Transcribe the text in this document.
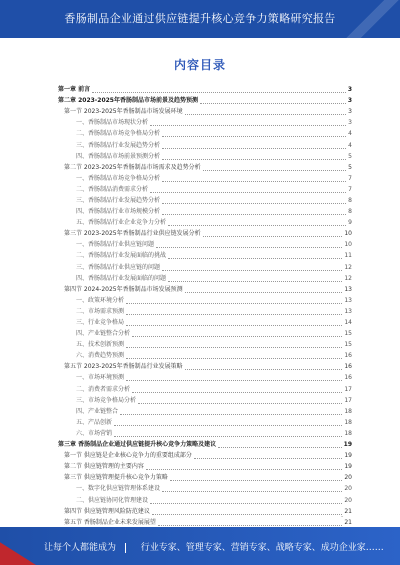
香肠制品企业通过供应链提升核心竞争力策略研究报告
内容目录
第一章 前言	3
第二章 2023-2025年香肠制品市场前景及趋势预测	3
第一节 2023-2025年香肠制品市场发展环境	3
一、香肠制品市场现状分析	3
二、香肠制品市场竞争格局分析	4
三、香肠制品行业发展趋势分析	4
四、香肠制品市场前景预测分析	5
第二节 2023-2025年香肠制品市场需求及趋势分析	5
一、香肠制品市场竞争格局分析	7
二、香肠制品消费需求分析	7
三、香肠制品行业发展趋势分析	8
四、香肠制品行业市场规模分析	8
五、香肠制品行业企业竞争力分析	9
第三节 2023-2025年香肠制品行业供应链发展分析	10
一、香肠制品行业供应链问题	10
二、香肠制品行业发展面临的挑战	11
三、香肠制品行业供应链的问题	12
四、香肠制品行业发展面临的问题	12
第四节 2024-2025年香肠制品市场发展预测	13
一、政策环境分析	13
二、市场需求预测	13
三、行业竞争格局	14
四、产业链整合分析	15
五、技术创新预测	15
六、消费趋势预测	16
第五节 2023-2025年香肠制品行业发展策略	16
一、市场环境预测	16
二、消费者需求分析	17
三、市场竞争格局分析	17
四、产业链整合	18
五、产品创新	18
六、市场营销	18
第三章 香肠制品企业通过供应链提升核心竞争力策略及建议	19
第一节 供应链是企业核心竞争力的重要组成部分	19
第二节 供应链管理的主要内容	19
第三节 供应链管理提升核心竞争力策略	20
一、数字化供应链管理体系建设	20
二、供应链协同化管理建设	20
第四节 供应链管理风险防范建议	21
第五节 香肠制品企业未来发展展望	21
-
让每个人都能成为	行业专家、管理专家、营销专家、战略专家、成功企业家……
